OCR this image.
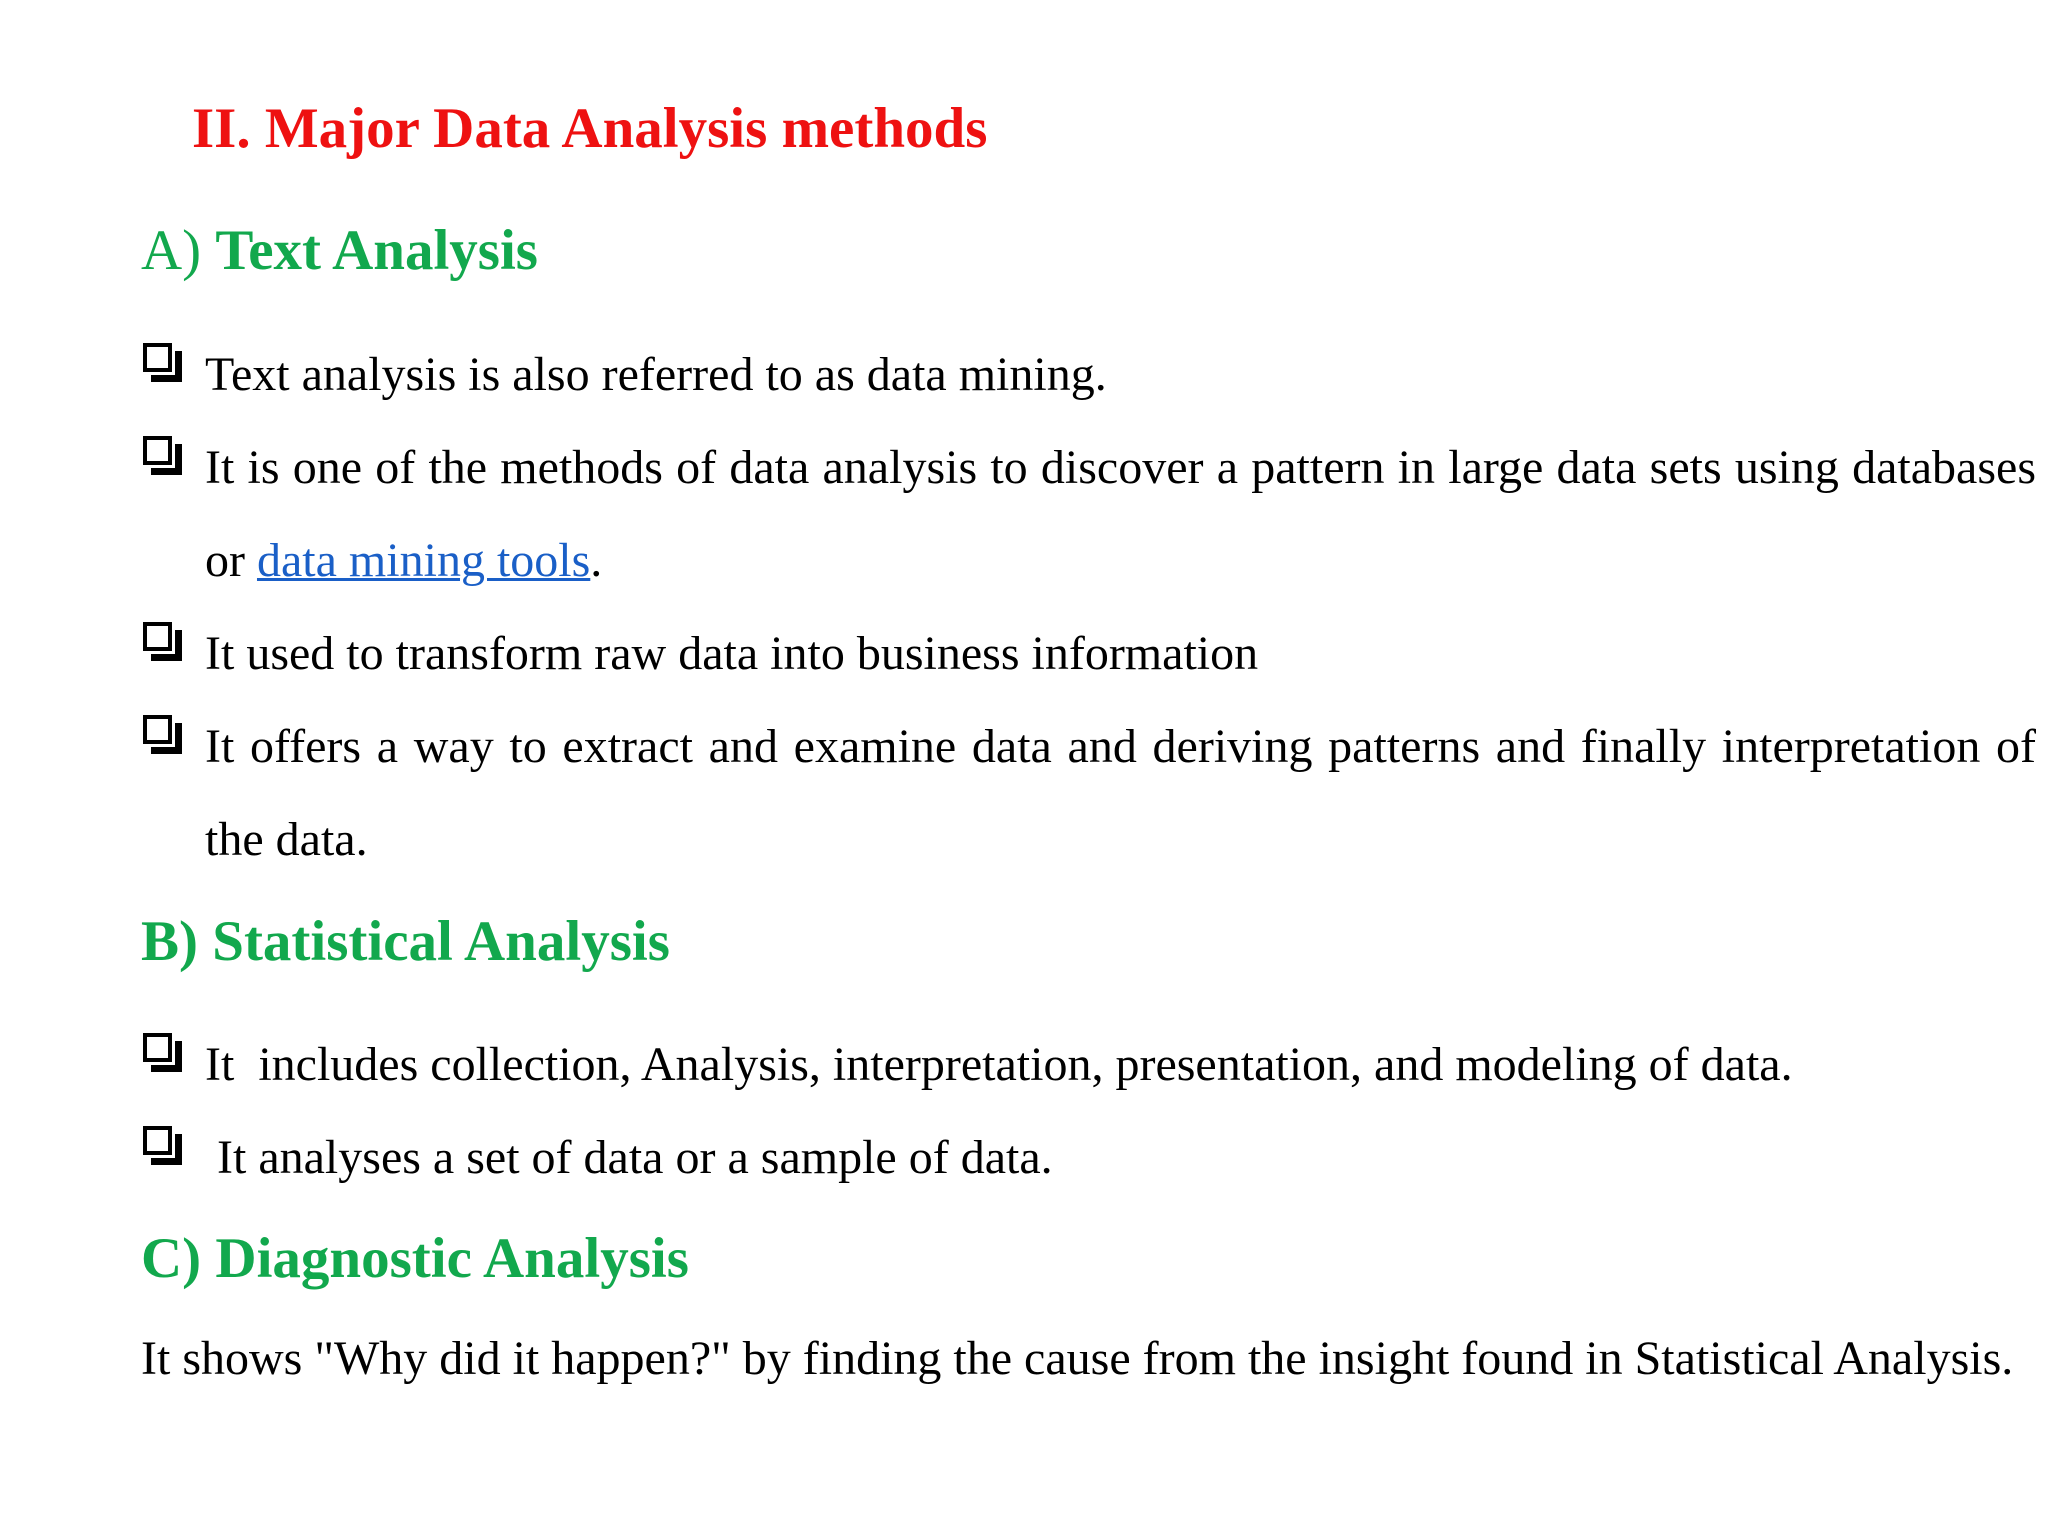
II. Major Data Analysis methods
A) Text Analysis
Text analysis is also referred to as data mining.
It is one of the methods of data analysis to discover a pattern in large data sets using databases or data mining tools.
It used to transform raw data into business information
It offers a way to extract and examine data and deriving patterns and finally interpretation of the data.
B) Statistical Analysis
It  includes collection, Analysis, interpretation, presentation, and modeling of data.
It analyses a set of data or a sample of data.
C) Diagnostic Analysis
It shows "Why did it happen?" by finding the cause from the insight found in Statistical Analysis.
